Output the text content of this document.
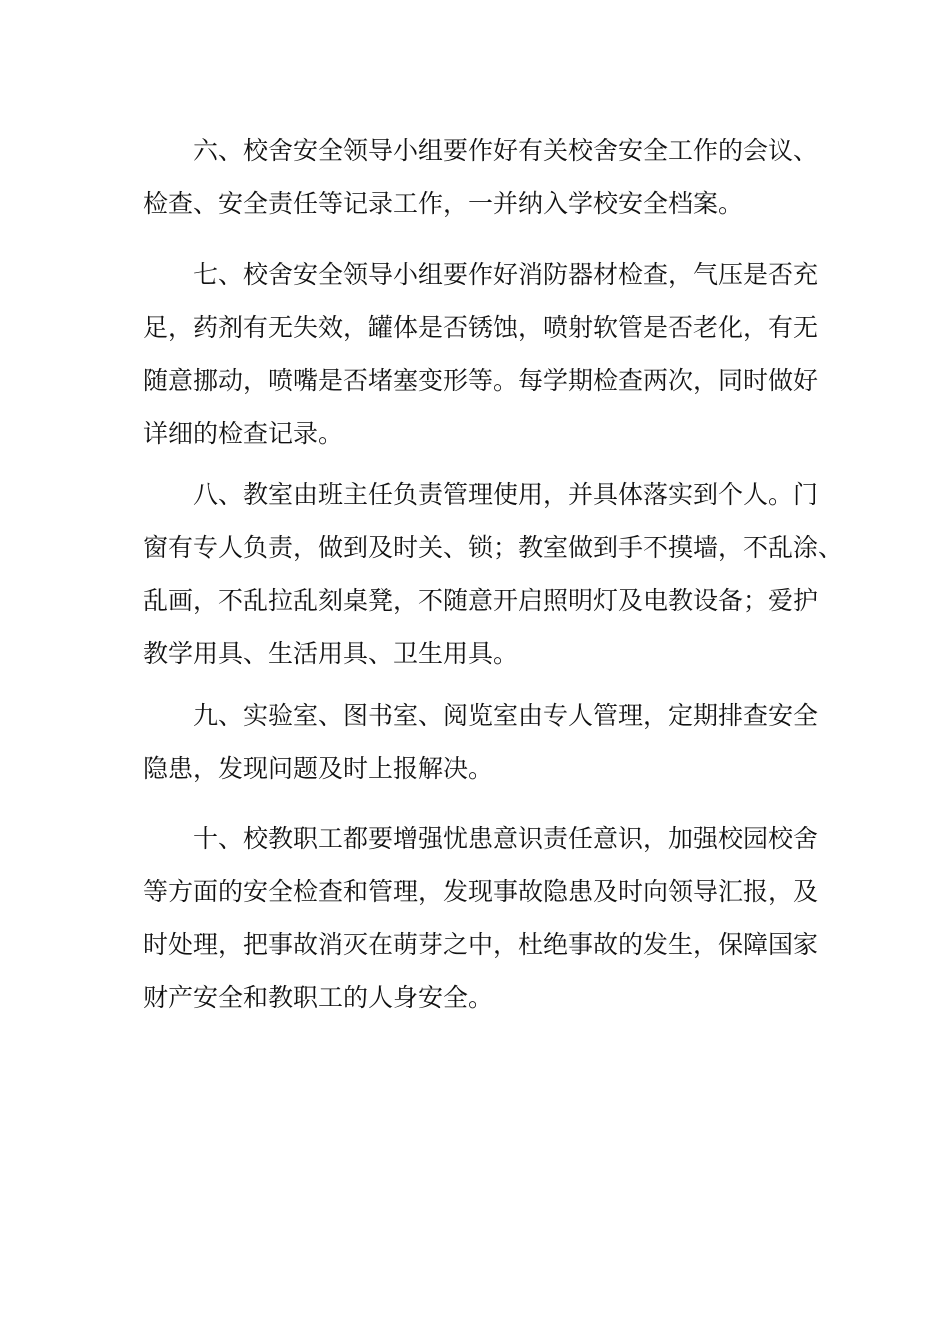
六、校舍安全领导小组要作好有关校舍安全工作的会议、
检查、安全责任等记录工作，一并纳入学校安全档案。
七、校舍安全领导小组要作好消防器材检查，气压是否充
足，药剂有无失效，罐体是否锈蚀，喷射软管是否老化，有无
随意挪动，喷嘴是否堵塞变形等。每学期检查两次，同时做好
详细的检查记录。
八、教室由班主任负责管理使用，并具体落实到个人。门
窗有专人负责，做到及时关、锁；教室做到手不摸墙，不乱涂、
乱画，不乱拉乱刻桌凳，不随意开启照明灯及电教设备；爱护
教学用具、生活用具、卫生用具。
九、实验室、图书室、阅览室由专人管理，定期排查安全
隐患，发现问题及时上报解决。
十、校教职工都要增强忧患意识责任意识，加强校园校舍
等方面的安全检查和管理，发现事故隐患及时向领导汇报，及
时处理，把事故消灭在萌芽之中，杜绝事故的发生，保障国家
财产安全和教职工的人身安全。
